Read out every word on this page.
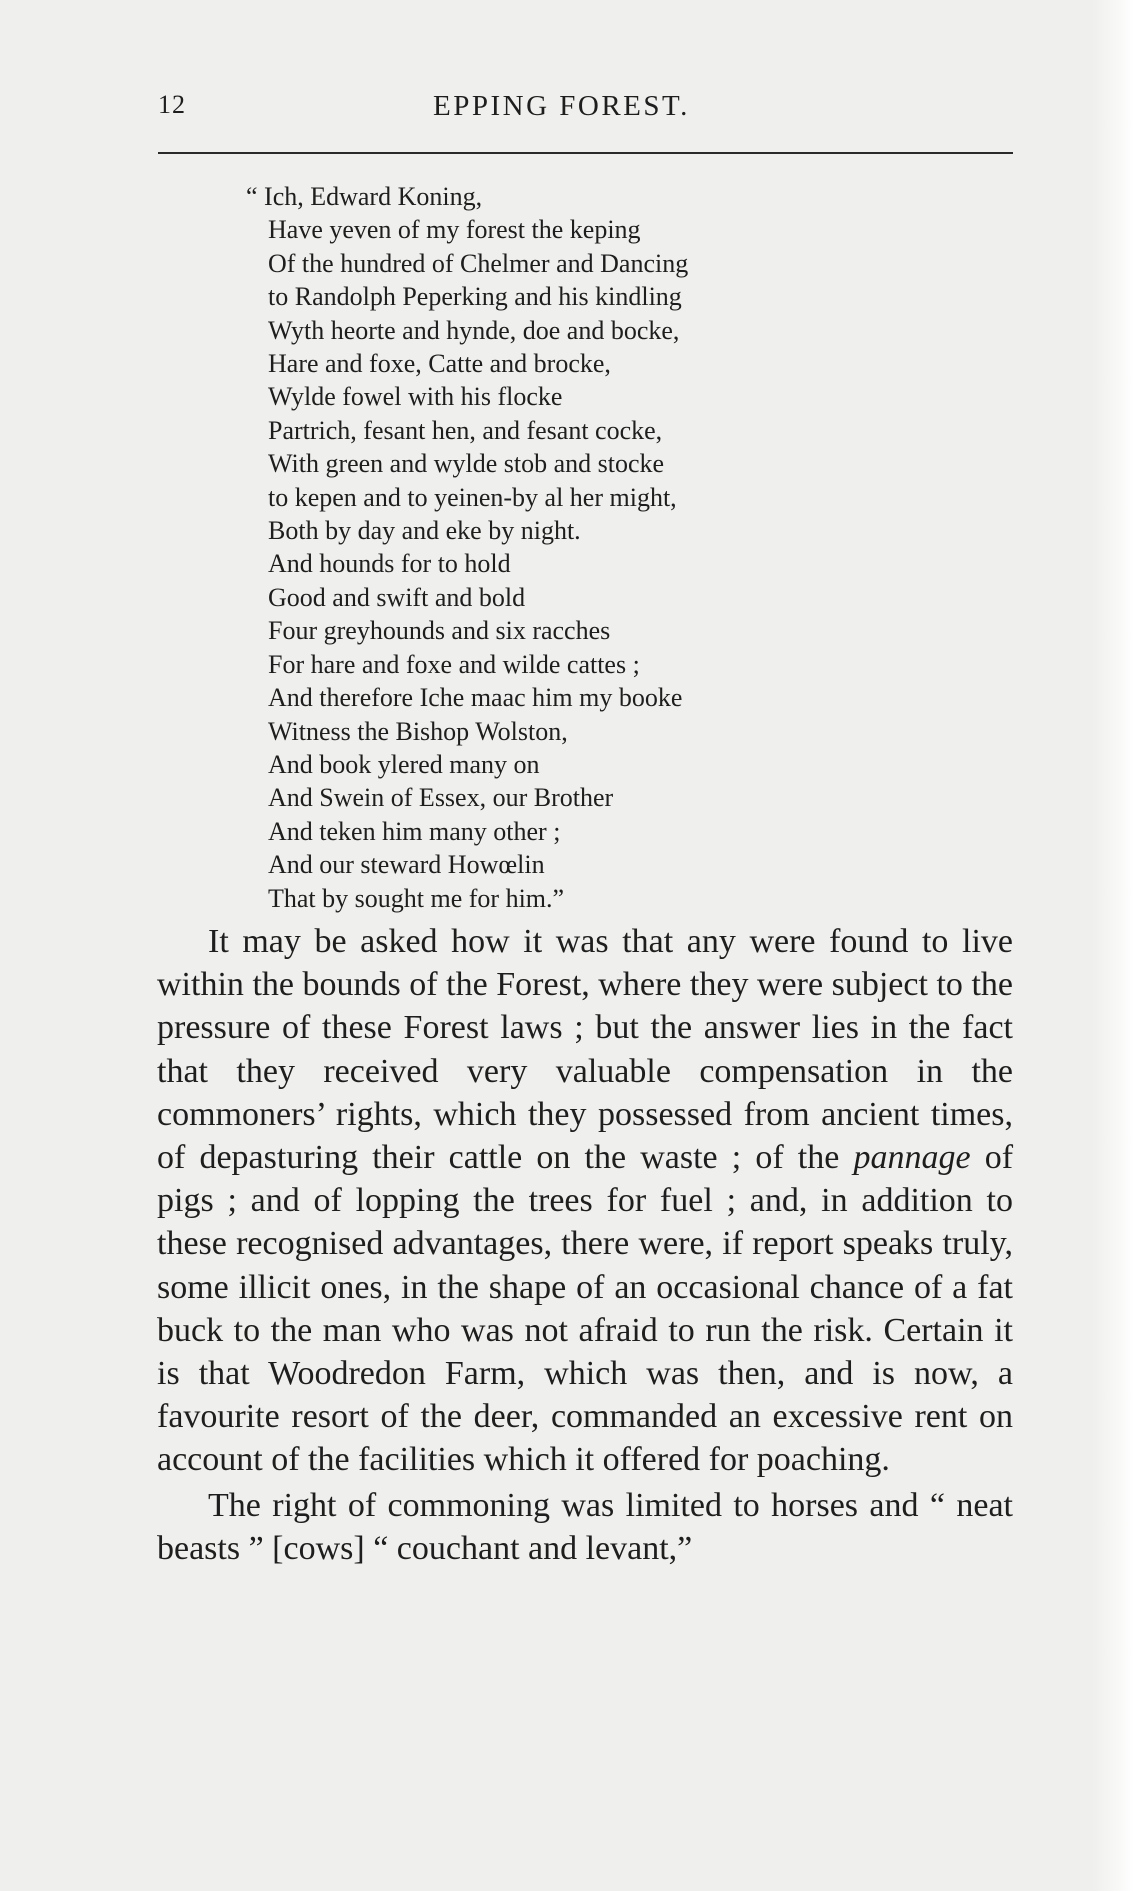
12	EPPING FOREST.
“ Ich, Edward Koning,
Have yeven of my forest the keping
Of the hundred of Chelmer and Dancing
to Randolph Peperking and his kindling
Wyth heorte and hynde, doe and bocke,
Hare and foxe, Catte and brocke,
Wylde fowel with his flocke
Partrich, fesant hen, and fesant cocke,
With green and wylde stob and stocke
to kepen and to yeinen-by al her might,
Both by day and eke by night.
And hounds for to hold
Good and swift and bold
Four greyhounds and six racches
For hare and foxe and wilde cattes ;
And therefore Iche maac him my booke
Witness the Bishop Wolston,
And book ylered many on
And Swein of Essex, our Brother
And teken him many other ;
And our steward Howœlin
That by sought me for him.”

It may be asked how it was that any were found to live within the bounds of the Forest, where they were subject to the pressure of these Forest laws ; but the answer lies in the fact that they received very valuable compensation in the commoners’ rights, which they possessed from ancient times, of depasturing their cattle on the waste ; of the pannage of pigs ; and of lopping the trees for fuel ; and, in addition to these recognised advantages, there were, if report speaks truly, some illicit ones, in the shape of an occasional chance of a fat buck to the man who was not afraid to run the risk. Certain it is that Woodredon Farm, which was then, and is now, a favourite resort of the deer, commanded an excessive rent on account of the facilities which it offered for poaching.

The right of commoning was limited to horses and “ neat beasts ” [cows] “ couchant and levant,”
